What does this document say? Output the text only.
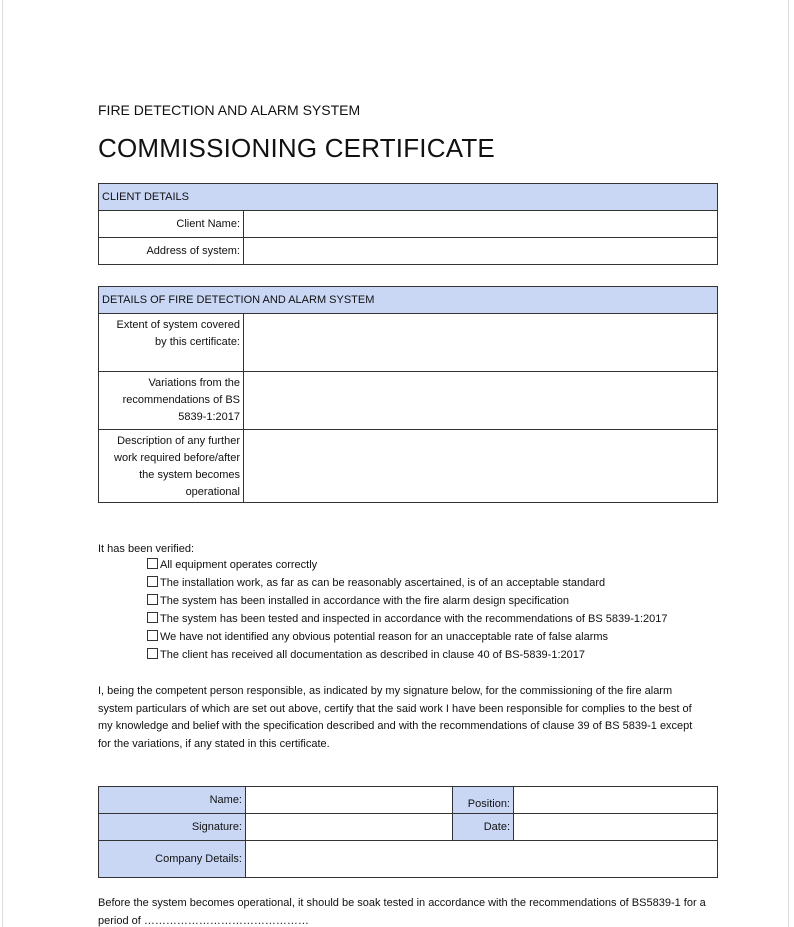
FIRE DETECTION AND ALARM SYSTEM
COMMISSIONING CERTIFICATE
CLIENT DETAILS	
Client Name:	
Address of system:	
DETAILS OF FIRE DETECTION AND ALARM SYSTEM	
Extent of system covered by this certificate:	
Variations from the recommendations of BS 5839-1:2017	
Description of any further work required before/after the system becomes operational	
It has been verified:
All equipment operates correctly
The installation work, as far as can be reasonably ascertained, is of an acceptable standard
The system has been installed in accordance with the fire alarm design specification
The system has been tested and inspected in accordance with the recommendations of BS 5839-1:2017
We have not identified any obvious potential reason for an unacceptable rate of false alarms
The client has received all documentation as described in clause 40 of BS-5839-1:2017
I, being the competent person responsible, as indicated by my signature below, for the commissioning of the fire alarm system particulars of which are set out above, certify that the said work I have been responsible for complies to the best of my knowledge and belief with the specification described and with the recommendations of clause 39 of BS 5839-1 except for the variations, if any stated in this certificate.
Name:		Position:	
Signature:		Date:	
Company Details:			
Before the system becomes operational, it should be soak tested in accordance with the recommendations of BS5839-1 for a period of ………………………………………
